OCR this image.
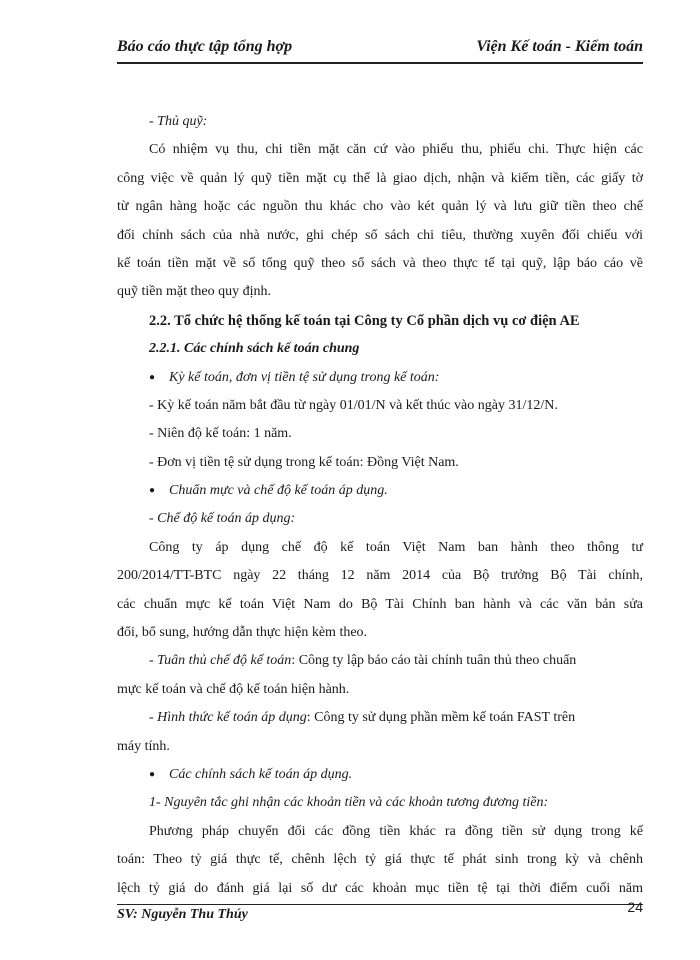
Báo cáo thực tập tổng hợp	Viện Kế toán - Kiểm toán
- Thủ quỹ:
Có nhiệm vụ thu, chi tiền mặt căn cứ vào phiếu thu, phiếu chi. Thực hiện các
công việc về quản lý quỹ tiền mặt cụ thể là giao dịch, nhận và kiểm tiền, các giấy tờ
từ ngân hàng hoặc các nguồn thu khác cho vào két quản lý và lưu giữ tiền theo chế
đối chính sách của nhà nước, ghi chép sổ sách chi tiêu, thường xuyên đối chiếu với
kế toán tiền mặt về số tổng quỹ theo sổ sách và theo thực tế tại quỹ, lập báo cáo về
quỹ tiền mặt theo quy định.
2.2. Tổ chức hệ thống kế toán tại Công ty Cổ phần dịch vụ cơ điện AE
2.2.1. Các chính sách kế toán chung
● Kỳ kế toán, đơn vị tiền tệ sử dụng trong kế toán:
- Kỳ kế toán năm bắt đầu từ ngày 01/01/N và kết thúc vào ngày 31/12/N.
- Niên độ kế toán: 1 năm.
- Đơn vị tiền tệ sử dụng trong kế toán: Đồng Việt Nam.
● Chuẩn mực và chế độ kế toán áp dụng.
- Chế độ kế toán áp dụng:
Công ty áp dụng chế độ kế toán Việt Nam ban hành theo thông tư
200/2014/TT-BTC ngày 22 tháng 12 năm 2014 của Bộ trưởng Bộ Tài chính,
các chuẩn mực kế toán Việt Nam do Bộ Tài Chính ban hành và các văn bản sửa
đổi, bổ sung, hướng dẫn thực hiện kèm theo.
- Tuân thủ chế độ kế toán: Công ty lập báo cáo tài chính tuân thủ theo chuẩn
mực kế toán và chế độ kế toán hiện hành.
- Hình thức kế toán áp dụng: Công ty sử dụng phần mềm kế toán FAST trên
máy tính.
● Các chính sách kế toán áp dụng.
1- Nguyên tắc ghi nhận các khoản tiền và các khoản tương đương tiền:
Phương pháp chuyển đổi các đồng tiền khác ra đồng tiền sử dụng trong kế
toán: Theo tỷ giá thực tế, chênh lệch tỷ giá thực tế phát sinh trong kỳ và chênh
lệch tỷ giá do đánh giá lại số dư các khoản mục tiền tệ tại thời điểm cuối năm
SV: Nguyễn Thu Thúy	24
